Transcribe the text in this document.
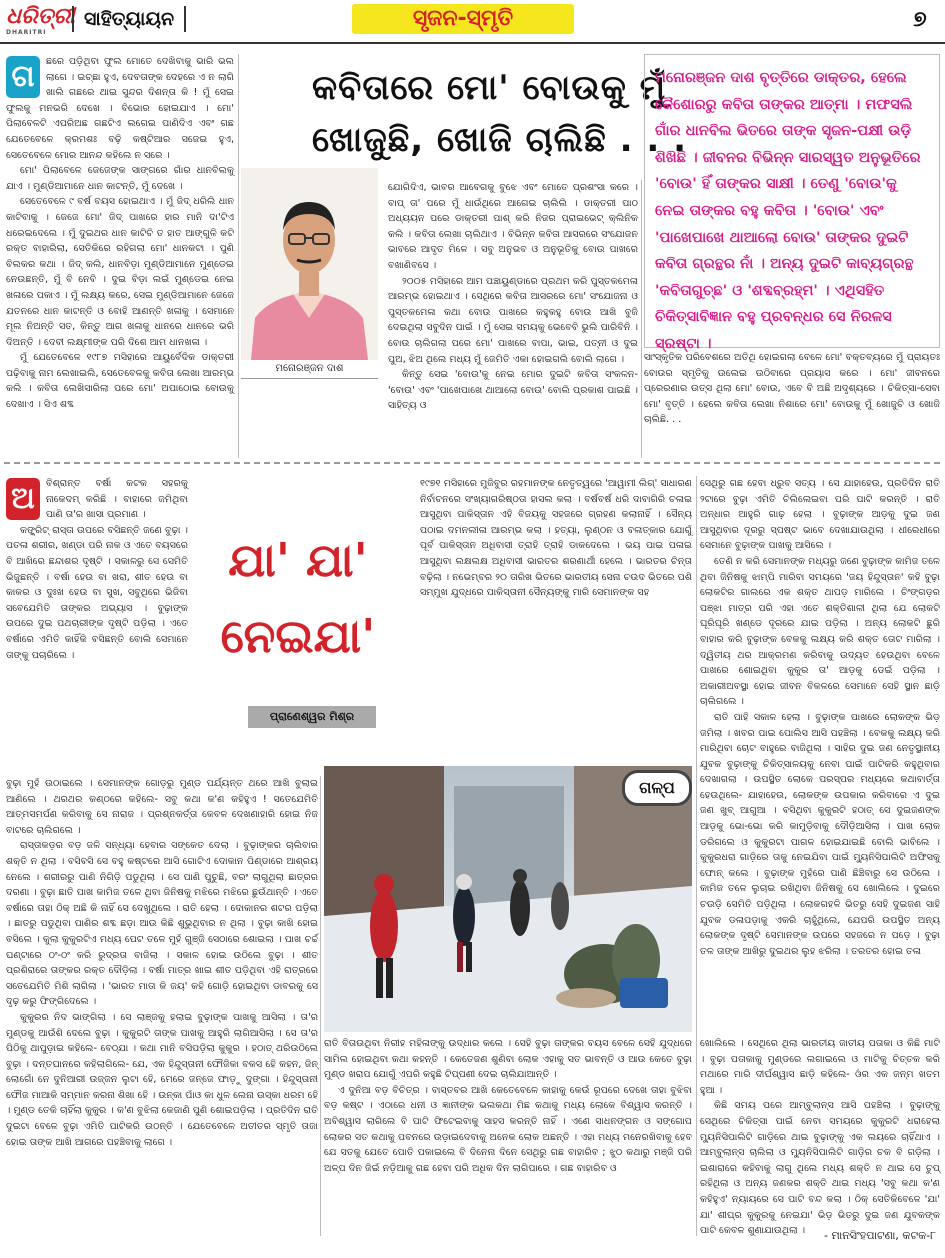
ଧରିତ୍ରୀ
DHARITRI
ସାହିତ୍ୟାୟନ	ସୃଜନ-ସ୍ମୃତି	୭
କବିତାରେ ମୋ' ବୋଉକୁ ମୁଁ
ଖୋଜୁଛି, ଖୋଜି ଚାଲିଛି . . .
ମନୋରଞ୍ଜନ ଦାଶ ବୃତ୍ତିରେ ଡାକ୍ତର, ହେଲେ କୈଶୋରରୁ କବିତା ତାଙ୍କର ଆତ୍ମା । ମଫସଲି ଗାଁର ଧାନବିଲ ଭିତରେ ତାଙ୍କ ସୃଜନ-ପକ୍ଷୀ ଉଡ଼ି ଶିଖିଛି । ଜୀବନର ବିଭିନ୍ନ ସାରସ୍ୱତ ଅନୁଭୂତିରେ 'ବୋଉ' ହିଁ ତାଙ୍କର ସାକ୍ଷୀ । ତେଣୁ 'ବୋଉ'କୁ ନେଇ ତାଙ୍କର ବହୁ କବିତା । 'ବୋଉ' ଏବଂ 'ପାଖେପାଖେ ଥାଆଲୋ ବୋଉ' ତାଙ୍କର ଦୁଇଟି କବିତା ଗ୍ରନ୍ଥର ନାଁ । ଅନ୍ୟ ଦୁଇଟି କାବ୍ୟଗ୍ରନ୍ଥ 'କବିତାଗୁଚ୍ଛ' ଓ 'ଶବ୍ଦବ୍ରହ୍ମ' । ଏଥିସହିତ ଚିକିତ୍ସାବିଜ୍ଞାନ ବହୁ ପ୍ରବନ୍ଧର ସେ ନିରଳସ ସ୍ରଷ୍ଟା ।
ଗ	ଛରେ ପଡ଼ିଥିବା ଫୁଲ ମୋତେ ଦେଖିବାକୁ ଭାରି ଭଲ ଲାଗେ । ଇଚ୍ଛା ହୁଏ, ଦେବତାଙ୍କ ଦେହରେ ଏ ନ ଲାଗି ଖାଲି ଗଛରେ ଥାଇ ସୁନ୍ଦର ଦିଶନ୍ତା କି ! ମୁଁ ସେଇ ଫୁଲକୁ ମନଭରି ଦେଖେ । ବିଭୋର ହୋଇଯାଏ । ମୋ' ପିଲାବେଳଟି ଏପରିଅଛ ଗଛଟିଏ ଲଗେଇ ପାଣିଦିଏ ଏବଂ ଗଛ ଯେତେବେଳେ କ୍ରମଶଃ ବଢ଼ି କଷ୍ଟିଆର ସଜେଇ ହୁଏ, ସେତେବେଳେ ମୋର ଆନନ୍ଦ କହିଲେ ନ ସରେ ।

ମୋ' ପିଲାବେଳେ ଜେଜେଙ୍କ ସାଙ୍ଗରେ ଗାଁର ଧାନବିଲକୁ ଯାଏ । ମୁଣ୍ଡିଆମାନେ ଧାନ କାଟନ୍ତି, ମୁଁ ଦେଖେ ।

ସେତେବେଳେ ୯ ବର୍ଷ ବୟସ ହୋଇଥାଏ । ମୁଁ ଜିଦ୍ ଧରିଲି ଧାନ କାଟିବାକୁ । ଜେଜେ ମୋ' ଜିଦ୍ ପାଖରେ ହାର ମାନି ଦା'ଟିଏ ଧରେଇଦେଲେ । ମୁଁ ଦୁଇଥର ଧାନ କାଟିଚି ତ ହାତ ଆଙ୍ଗୁଳି କଟି ରକ୍ତ ବାହାରିଲା, ସେତିକିରେ ରହିଗଲା ମୋ' ଧାନକଟା । ପୁଣି ବିଲକର କଥା । ଜିଦ୍ କଲି, ଧାନବିଡ଼ା ମୁଣ୍ଡିଆମାନେ ମୁଣ୍ଡେଇ ନେଉଛନ୍ତି, ମୁଁ ବି ନେବି । ଦୁଇ ବିଡ଼ା ଲଇଁ ମୁଣ୍ଡେଇ ନେଇ ଖଳାରେ ପକାଏ । ମୁଁ ଲକ୍ଷ୍ୟ କରେ, ସେଇ ମୁଣ୍ଡିଆମାନେ ଜେଜେ ଯତନରେ ଧାନ କାଟନ୍ତି ଓ ବୋହି ଆଣନ୍ତି ଖଳାକୁ । ସେମାନେ ମୂଲ ନିଅନ୍ତି ସତ, କିନ୍ତୁ ଆଗ ଖଳାକୁ ଧାନରେ ଧାନରେ ଭରି ଦିଅନ୍ତି । ଦେବୀ ଲକ୍ଷ୍ମୀଙ୍କ ପରି ଦିଶେ ଆମ ଧାନଖଳା ।

ମୁଁ ଯେତେବେଳେ ୧୯୮୭ ମସିହାରେ ଆୟୁର୍ବେଦିକ ଡାକ୍ତରୀ ପଢ଼ିବାକୁ ନାମ ଲେଖାଇଲି, ସେତେବେଳକୁ କବିତା ଲେଖା ଆରମ୍ଭ କଲି । କବିତା ଲେଖିସାରିଲା ପରେ ମୋ' ଅପାଠୋଇ ବୋଉକୁ ଦେଖାଏ । ସିଏ ଶବ୍ଦ

ମନୋରଞ୍ଜନ ଦାଶ

ଯୋଗିଦିଏ, ଭାବର ଆବେଗକୁ ବୁଝେ ଏବଂ ମୋତେ ପ୍ରଶଂସା କରେ । ବାପ୍‌ ତା' ପରେ ମୁଁ ଧାଉଁଥିରେ ଆଗେଇ ଚାଲିଲି । ଡାକ୍ତରୀ ପାଠ ଅଧ୍ୟୟନ ପରେ ଡାକ୍ତରୀ ପାଶ୍ କରି ନିଜର ପ୍ରାଇଭେଟ୍ କ୍ଲିନିକ କଲି । କବିତା ଲେଖା ଚାଲିଥାଏ । ବିଭିନ୍ନ କବିତା ଆସରରେ ସଂଯୋଜନ ଭାବରେ ଆଦୃତ ମିଳେ । ସବୁ ଅନୁଭବ ଓ ଅନୁଭୂତିକୁ ବୋଉ ପାଖରେ ବଖାଣିବସେ ।

୨୦୦୫ ମସିହାରେ ଆମ ପଞ୍ଚାୟୁଣ୍ଡାରେ ପ୍ରଥମ କରି ପୁସ୍ତକମେଳା ଆରମ୍ଭ ହୋଇଥାଏ । ସେଥିରେ କବିତା ଆସରରେ ମୋ' ସଂଯୋଜନା ଓ ପୁସ୍ତକମେଳା କଥା ବୋଉ ପାଖରେ କହୁକହୁ ବୋଉ ଆଖି ବୁଜି ଦେଇଥିଲା ସବୁଦିନ ପାଇଁ । ମୁଁ ସେଇ ସମୟକୁ ଭେବେବି ଭୁଲି ପାରିବିନି । ବୋଉ ଚାଲିଗଲା ପରେ ମୋ' ପାଖରେ ବାପା, ଭାଇ, ପତ୍ନୀ ଓ ଦୁଇ ପୁଅ, ଝିଅ ଥିଲେ ମଧ୍ୟ ମୁଁ ଜେମିତି ଏକା ହୋଇଗଲି ବୋଲି ଲାଗେ ।

କିନ୍ତୁ ସେଇ 'ବୋଉ'କୁ ନେଇ ମୋର ଦୁଇଟି କବିତା ସଂକଳନ- 'ବୋଉ' ଏବଂ 'ପାଖେପାଖେ ଥାଆଲୋ ବୋଉ' ବୋଲି ପ୍ରକାଶ ପାଇଛି । ସାହିତ୍ୟ ଓ

ସାଂସ୍କୃତିକ ପରିବେଶରେ ଅତିଥି ହୋଇଗଲା ବେଳେ ମୋ' ବକ୍ତବ୍ୟରେ ମୁଁ ପ୍ରାୟତଃ ବୋଉର ସ୍ମୃତିକୁ ଉଲେଇ ଉଠିବାରେ ପ୍ରୟାସ କରେ । ମୋ' ଜୀବନରେ ପ୍ରେରଣାର ଉତ୍ସ ଥିଲା ମୋ' ବୋଉ, ଏବେ ବି ଅଛି ଅଦୃଶ୍ୟରେ । ଚିକିତ୍ସା-ସେବା ମୋ' ବୃତ୍ତି । ହେଲେ କବିତା ଲେଖା ନିଶାରେ ମୋ' ବୋଉକୁ ମୁଁ ଖୋଜୁଚି ଓ ଖୋଜି ଚାଲିଛି. . .

ଅ	ବିଶ୍ରାନ୍ତ ବର୍ଷା କଟକ ସହରକୁ ନାକେଦମ୍ କରିଛି । ବାହାରେ ଜମିଥିବା ପାଣି ତା'ର ଖାସା ପ୍ରମାଣ ।

କଙ୍କ୍ରିଟ୍ ରାସ୍ତା ଉପରେ ବସିଛନ୍ତି ଜଣେ ବୁଢ଼ା । ପତଳା ଶରୀର, ଖଣ୍ଡା ପରି ନାକ ଓ ଏତେ ବୟସରେ ବି ଆଖିରେ ଛନ୍ଦାଶର ଦୃଷ୍ଟି । ସକାଳରୁ ସେ ସେମିତି ଭିଜୁଛନ୍ତି । ବର୍ଷା ହେଉ ବା ଖରା, ଶୀତ ହେଉ ବା କାକର ଓ ଦୁଃଖ ହେଉ ବା ସୁଖ, ସବୁଥିରେ ଭିଜିବା ସବେଯେମିତି ତାଙ୍କର ଅଭ୍ୟାସ । ବୁଢ଼ାଙ୍କ ଉପରେ ଦୁଇ ପଥଚାରୀଙ୍କ ଦୃଷ୍ଟି ପଡ଼ିଲା । ଏତେ ବର୍ଷାରେ ଏମିତି କାହିଁକି ବସିଛନ୍ତି ବୋଲି ସେମାନେ ତାଙ୍କୁ ପଚାରିଲେ ।

ଯା' ଯା'
ନେଇଯା'
ପ୍ରାଣେଶ୍ୱର ମିଶ୍ର

ବୁଢ଼ା ମୁହଁ ଉଠାଇଲେ । ସେମାନଙ୍କ ଗୋଡ଼ରୁ ମୁଣ୍ଡ ପର୍ଯ୍ୟନ୍ତ ଥରେ ଆଖି ବୁଲାଇ ଆଣିଲେ । ଥରଥର କଣ୍ଠରେ କହିଲେ- ସବୁ କଥା କ'ଣ କହିହୁଏ ! ସତେଯେମିତି ଆତ୍ମସମର୍ପଣ କରିବାକୁ ସେ ନାରାଜ । ପ୍ରଶ୍ନକର୍ତ୍ତା କେବଳ ଦେଖଣାହାରି ହୋଇ ନିଜ ବାଟରେ ଚାଲିଗଲେ ।

ରାସ୍ତାକଡ଼ର ବଡ଼ ଜଳି ସନ୍ଧ୍ୟା ହେବାର ସଙ୍କେତ ଦେଲା । ବୁଢ଼ାଙ୍କର ଚାଲିବାର ଶକ୍ତି ନ ଥିଲା । ବସିବସି ସେ ବହୁ କଷ୍ଟରେ ଆସି ଗୋଟିଏ ଦୋକାନ ପିଣ୍ଡାରେ ଆଶ୍ରୟ ନେଲେ । ଶରୀରରୁ ପାଣି ନିଗିଡ଼ି ପଡୁଥିଲା । ସେ ପାଣି ପୁଚୁଛି, ବରଂ ଲାଗୁଥିଲା ଛାତ୍ରର ଦରଣା । ବୁଢ଼ା ଛାତି ପାଖ କାମିଜ ତଳେ ଥିବା ଜିନିଷକୁ ମଝିରେ ମଝିରେ ଛୁଉଁଥାନ୍ତି । ଏତେ ବର୍ଷାରେ ତାହା ଠିକ୍ ଅଛି କି ନାହିଁ ସେ ଦେଖୁଥିଲେ । ରାତି ହେଲା । ଦୋକାନର ଶଟର ପଡ଼ିଲା । ଛାତରୁ ପଡୁଥିବା ପାଣିର ଶବ୍ଦ ଛଡ଼ା ଆଉ କିଛି ଶୁଭୁଥିବାର ନ ଥିଲା । ବୁଢ଼ା କାଖି ହୋଇ ବସିଲେ । କୁଲା କୁକୁରଟିଏ ମଧ୍ୟ ପେଟ ତଳେ ମୁହଁ ଗୁଞ୍ଜି ସେଠାରେ ଶୋଇଲା । ପାଖ ଚର୍ଚ୍ଚ ଘଣ୍ଟାରେ ଠଂ-ଠଂ କରି ରୁଦ୍ରତା ବାଜିଲା । ସକାଳ ହୋଇ ଉଠିଲେ ବୁଢ଼ା । ଶୀତ ପ୍ରଶିରାରେ ତାଙ୍କର ରକ୍ତ ଦୌଡ଼ିଲା । ବର୍ଷା ମାତ୍ର ଖାଇ ଶୀତ ପଡ଼ିଥିବା ଏହି ରାତ୍ରରେ ସତେଯେମିତି ମିଶି ଲାଗିଲା । 'ଭାରତ ମାତା କି ଜୟ' କହି ଗୋଡ଼ି ହୋଇଥିବା ଡାବରକୁ ସେ ଦୃଢ଼ କରୁ ଫିଙ୍ଗିଦେଲେ ।

କୁକୁରର ନିଦ ଭାଙ୍ଗିଲା । ସେ ଲାଞ୍ଜକୁ ହଲାଇ ବୁଢ଼ାଙ୍କ ପାଖକୁ ଆସିଲା । ତା'ର ମୁଣ୍ଡକୁ ଆଉଁଶି ଦେଲେ ବୁଢ଼ା । କୁକୁରଟି ତାଙ୍କ ପାଖକୁ ଆହୁରି ଲାଗିଆସିଲା । ସେ ତା'ର ପିଠିକୁ ଥାପୁଡ଼ାଇ କହିଲେ- ବେଠ୍‌ଯା । କଥା ମାନି ବସିପଡ଼ିଲା କୁକୁର । ହଠାତ୍ ଥରିଉଠିଲେ ବୁଢ଼ା । ଦନ୍ତଘାନରେ କହିଲାଗିଲେ- ଯେ, ଏକ ହିନ୍ଦୁସ୍ତାନୀ ଫୌଜିକା ବକସ ହେି କହନ, ଜିନ୍ ଲୋଗୋଁ ନେ ଦୁନିଆରୀ ଉଜ୍ଜନ ଲୁଟା ହେି, ମେରେ ଜନ୍ଜେ ଫାଡ଼ୁ ଦୁଙ୍ଗା । ହିନ୍ଦୁସ୍ତାନୀ ଫୌଜ ମାଆକି ସମ୍ମାନ କରନା ଶିଖା ହେି । ଉନ୍କା ପାଁଓ କା ଧୁଳ ଲେନା ଉସ୍କା ଧରମ ହେି । ମୁଣ୍ଡ ତେକି ଚାହିଁଲା କୁକୁର । କ'ଣ ବୁଝିଲା କେଜାଣି ପୁଣି ଶୋଇପଡ଼ିଲା । ପ୍ରତିଦିନ ରାତି ଦୁଇଟା ବେଳେ ବୁଢ଼ା ଏମିତି ପାଟିକରି ଉଠନ୍ତି । ଯେତେବେଳେ ଅତୀତର ସ୍ମୃତି ତାଜା ହୋଇ ତାଙ୍କ ଆଖି ଆଗରେ ପହଞ୍ଚିବାକୁ ଲାଗେ ।

୧୯୭୧ ମସିହାରେ ମୁଜିବୁର ରହମାନଙ୍କ ନେତୃତ୍ୱରେ 'ଆୱାମୀ ଲିଗ୍' ସାଧାରଣ ନିର୍ବାଚନରେ ସଂଖ୍ୟାଗରିଷ୍ଠତା ହାସଲ କଲା । ବର୍ଷବର୍ଷ ଧରି ଦାବାଗିରି ଚଳାଇ ଆସୁଥିବା ପାକିସ୍ତାନ ଏହି ବିଜୟକୁ ସହଜରେ ଗ୍ରହଣ କଲାନାହିଁ । ସୈନ୍ୟ ପଠାଇ ଦମନଲୀଳା ଆରମ୍ଭ କଲା । ହତ୍ୟା, ଲୁଣ୍ଠନ ଓ ବଳାତ୍କାର ଯୋଗୁଁ ପୂର୍ବ ପାକିସ୍ତାନ ଅଧିବାସୀ ତ୍ରାହି ତ୍ରାହି ଡାକଦେଲେ । ଭୟ ପାଇ ପଳାଇ ଆସୁଥିବା ଲକ୍ଷଲକ୍ଷ ଅଧିବାସୀ ଭାରତର ଶରଣାର୍ଥୀ ହେଲେ । ଭାରତର ଚିନ୍ତା ବଢ଼ିଲା । ନଭେମ୍ବର ୨୦ ତାରିଖ ଭିତରେ ଭାରତୀୟ ସେନା ଚଉଦ ଭିତରେ ପଶି ସମ୍ମୁଖ ଯୁଦ୍ଧରେ ପାକିସ୍ତାନୀ ସୈନ୍ୟଙ୍କୁ ମାରି ସେମାନଙ୍କ ସହ

ଗଳ୍ପ

ରାତି ବିତାଉଥିବା ନିରୀହ ମହିଳାଙ୍କୁ ଉଦ୍ଧାର କଲେ । ସେହି ବୁଢ଼ା ତାଙ୍କର ବୟସ ବେଳେ ସେହି ଯୁଦ୍ଧରେ ସାମିଲ ହୋଇଥିବା କଥା କହନ୍ତି । କେତେଜଣ ଶୁଣିବା ଲୋକ ଏହାକୁ ସତ ଭାବନ୍ତି ଓ ଆଉ କେତେ ବୁଢ଼ା ମୁଣ୍ଡ ଖରାପ ଯୋଗୁଁ ଏପରି କହୁଛି ଟିପ୍ପଣୀ ଦେଇ ଚାଲିଯାଆନ୍ତି ।

ଏ ଦୁନିଆ ବଡ଼ ବିଚିତ୍ର । ବାସ୍ତବର ଆଖି କେତେବେଳେ କାହାକୁ କେଉଁ ରୂପରେ ଦେଖେ ତାହା ବୁଝିବା ବଡ଼ କଷ୍ଟ । ଏଠାରେ ଧନୀ ଓ ଜ୍ଞାନୀଙ୍କ ଭଲକଥା ମିଛ କଥାକୁ ମଧ୍ୟ ଲୋକେ ବିଶ୍ୱାସ କରନ୍ତି । ଅବିଶ୍ୱାସ ଲାଗିଲେ ବି ପାଟି ଫିଟେଇବାକୁ ସାହସ କରନ୍ତି ନାହିଁ । ଏଣେ ସାଧନଙ୍ଗନ ଓ ସଙ୍ଗୋପ ଲୋକର ସତ କଥାକୁ ପବନରେ ଉଡ଼ାଇଦେବାକୁ ଅନେକ ଲୋକ ଅଛନ୍ତି । ଏହା ମଧ୍ୟ ମନେରଖିବାକୁ ହେବ ଯେ ସତକୁ ଯେତେ ପୋତି ପକାଇଲେ ବି ଦିନେନା ଦିନେ ସେଥିରୁ ଗଛ ବାହାରିବ ; ଝୁଠ କଥାରୁ ମଞ୍ଜି ପରି ଅଳ୍ପ ଦିନ ଜିଇଁ ନଡ଼ିଆକୁ ଗଛ ହେବା ପରି ଅଧିକ ଦିନ ଲାଗିପାରେ । ଗଛ ବାହାରିବ ଓ

ସେଥିରୁ ଗଛ ହେବା ଧ୍ରୁବ ସତ୍ୟ । ସେ ଯାହାହେଉ, ପ୍ରତିଦିନ ରାତି ୨ଟାରେ ବୁଢ଼ା ଏମିତି ଚିଲିଲେଇବା ପରି ପାଟି କରନ୍ତି । ରାତି ଅନ୍ଧାର ଆହୁରି ଗାଢ଼ ହେଲା । ବୁଢ଼ାଙ୍କ ଆଡ଼କୁ ଦୁଇ ଜଣ ଆସୁଥିବାର ଦୂରରୁ ସ୍ପଷ୍ଟ ଭାବେ ଦେଖାଯାଉଥିଲା । ଧୀରେଧୀରେ ସେମାନେ ବୁଢ଼ାଙ୍କ ପାଖକୁ ଆସିଲେ ।

ତେଣି ନ କରି ସେମାନଙ୍କ ମଧ୍ୟରୁ ଜଣେ ବୁଢ଼ାଙ୍କ କାମିଜ ତଳେ ଥିବା ଜିନିଷକୁ ଝାମ୍ପି ମାରିବା ସମୟରେ 'ଜୟ ହିନ୍ଦୁସ୍ତାନ' କହି ବୁଢ଼ା ଲୋକଟିର ଗାଲରେ ଏକ ଶକ୍ତ ଥାପଡ଼ ମାରିଲେ । ଚିଂଙ୍ଗଡ଼ର ପଞ୍ଝା ମାତ୍ର ପରି ଏହା ଏତେ ଶକ୍ତିଶାଳୀ ଥିଲା ଯେ ଲୋକଟି ଘୂରିଘୂରି ଖଣ୍ଡେ ଦୂରରେ ଯାଇ ପଡ଼ିଲା । ଅନ୍ୟ ଲୋକଟି ଛୁରି ବାହାର କରି ବୁଢ଼ାଙ୍କ ବେକକୁ ଲକ୍ଷ୍ୟ କରି ଶକ୍ତ ତୋଟ ମାରିଲା । ଦ୍ୱିତୀୟ ଥର ଆକ୍ରମଣ କରିବାକୁ ଉଦ୍ୟତ ହେଉଥିବା ବେଳେ ପାଖରେ ଶୋଇଥିବା କୁକୁର ତା' ଆଡ଼କୁ ଡେଇଁ ପଡ଼ିଲା । ଅକାରୀଅବସ୍ଥା ହୋଇ ଜୀବନ ବିକଳରେ ସେମାନେ ସେହି ସ୍ଥାନ ଛାଡ଼ି ଚାଲିଗଲେ ।

ରାତି ପାହି ସକାଳ ହେଲା । ବୁଢ଼ାଙ୍କ ପାଖରେ ଲୋକଙ୍କ ଭିଡ଼ ଜମିଲା । ଖବର ପାଇ ପୋଲିସ ଆସି ପହଞ୍ଚିଲା । ବେକକୁ ଲକ୍ଷ୍ୟ କରି ମାରିଥିବା ଚୋଟ ବାହୁରେ ବାଜିଥିଲା । ସାହିର ଦୁଇ ଜଣ ନେତୃସ୍ଥାନୀୟ ଯୁବକ ବୁଢ଼ାଙ୍କୁ ଚିକିତ୍ସାଳୟକୁ ନେବା ପାଇଁ ପାଟିକରି କହୁଥିବାର ଦେଖାଗଲା । ଉପସ୍ଥିତ ଲୋକେ ପରସ୍ପର ମଧ୍ୟରେ କଥାବାର୍ତ୍ତା ହେଉଥିଲେ- ଯାହାହେଉ, ଲୋକଙ୍କ ଉପକାର କରିବାରେ ଏ ଦୁଇ ଜଣ ଖୁବ୍ ଆଗୁଆ । ବସିଥିବା କୁକୁରଟି ହଠାତ୍ ସେ ଦୁଇଜଣଙ୍କ ଆଡ଼କୁ ଭୋ-ଭୋ କରି କାମୁଡ଼ିବାକୁ ଦୌଡ଼ିଆସିଲା । ପାଖ ଲୋକ ଡରିଗଲେ ଓ କୁକୁରଟା ପାଗଳ ହୋଇଯାଇଛି ବୋଲି ଭାବିଲେ । କୁକୁରଧରା ଗାଡ଼ିରେ ତାକୁ ନେଇଯିବା ପାଇଁ ମ୍ୟୁନିସିପାଲିଟି ଅଫିସକୁ ଫୋନ୍ କଲେ । ବୁଢ଼ାଙ୍କ ମୁହଁରେ ପାଣି ଛିଞ୍ଚିବାରୁ ସେ ଉଠିଲେ । କାମିଜ ତଳେ ଲୁଚାଇ ରଖିଥିବା ଜିନିଷକୁ ସେ ଖୋଲିଲେ । ଦୁଇରେ ଚଉଡ଼ି ସେମିତି ପଡ଼ିଥିଲା । ଲୋକଗହଳି ଭିତରୁ ସେହି ଦୁଇଜଣ ସାହି ଯୁବକ ଡଳାପଡ଼ାକୁ ଏକରି ଚାହୁଁଥିଲେ, ଯେପରି ଉପସ୍ଥିତ ଅନ୍ୟ ଲୋକଙ୍କ ଦୃଷ୍ଟି ସେମାନଙ୍କ ଉପରେ ସହଜରେ ନ ପଡ଼େ । ବୁଢ଼ା ତଳ ତାଙ୍କ ଆଖିରୁ ଦୁଇଥର ଲୁହ ଝରିଲା । ତରତର ହୋଇ ତଳା

ଖୋଲିଲେ । ସେଥିରେ ଥିଲା ଭାରତୀୟ ଜାତୀୟ ପତାକା ଓ କିଛି ମାଟି । ବୁଢ଼ା ପତାକାକୁ ମୁଣ୍ଡରେ ଲଗାଇଲେ ଓ ମାଟିକୁ ଚିତ୍ତକ କରି ମଥାରେ ମାରି ଦୀର୍ଘଶ୍ୱାସ ଛାଡ଼ି କହିଲେ- ଓଁର ଏକ ଜନ୍ମ ଖତମ ହୁଆ ।

କିଛି ସମୟ ପରେ ଆମ୍ବୁଲାନ୍ସ ଆସି ପହଞ୍ଚିଲା । ବୁଢ଼ାଙ୍କୁ ସେଥିରେ ଚିକିତ୍ସା ପାଇଁ ନେବା ସମୟରେ କୁକୁରଟି ଧରାହେଲା ମ୍ୟୁନିସିପାଲିଟି ଗାଡ଼ିରେ ଥାଇ ବୁଢ଼ାଙ୍କୁ ଏକ ଲୟରେ ଚାହିଁଥାଏ । ଆମ୍ବୁଲାନ୍ସ ଚାଲିଲା ଓ ମ୍ୟୁନିସିପାଲିଟି ଗାଡ଼ିର ଚକ ବି ଗଡ଼ିଲା । ଇଶାରାରେ କହିବାକୁ ଲାଗୁ ଥିଲେ ମଧ୍ୟ ଶକ୍ତି ନ ଥାଇ ସେ ଚୁପ୍ ରହିଥିଲା ଓ ଅନ୍ୟ ଜଣକର ଶକ୍ତି ଥାଇ ମଧ୍ୟ 'ସବୁ କଥା କ'ଣ କହିହୁଏ' ନ୍ୟାୟରେ ସେ ପାଟି ବନ୍ଦ କଲା । ଠିକ୍ ସେତିକିବେଳେ 'ଯା' ଯା' ଶୀଘ୍ର କୁକୁରକୁ ନେଇଯା' ଭିଡ଼ ଭିତରୁ ଦୁଇ ଜଣ ଯୁବକଙ୍କ ପାଟି କେବଳ ଶୁଣାଯାଉଥିଲା ।	- ମାନସିଂହପାଟଣା, କଟକ-୮
